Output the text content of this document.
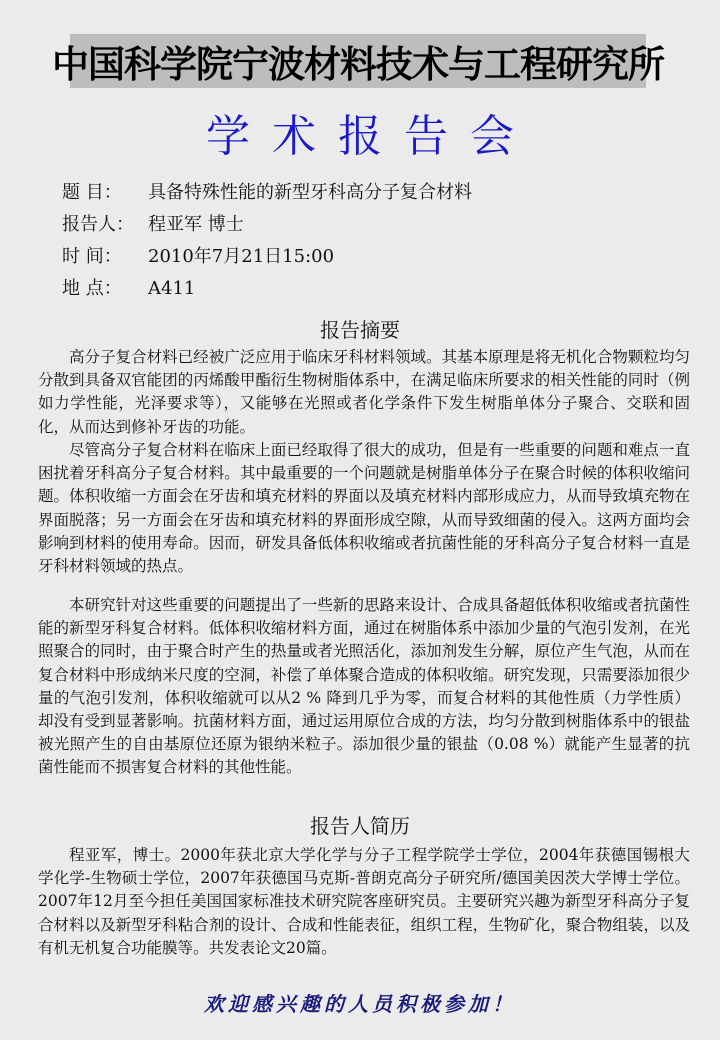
中国科学院宁波材料技术与工程研究所
学术报告会
题 目： 具备特殊性能的新型牙科高分子复合材料
报告人： 程亚军 博士
时 间： 2010年7月21日15:00
地 点： A411
报告摘要
高分子复合材料已经被广泛应用于临床牙科材料领域。其基本原理是将无机化合物颗粒均匀分散到具备双官能团的丙烯酸甲酯衍生物树脂体系中，在满足临床所要求的相关性能的同时（例如力学性能，光泽要求等），又能够在光照或者化学条件下发生树脂单体分子聚合、交联和固化，从而达到修补牙齿的功能。
尽管高分子复合材料在临床上面已经取得了很大的成功，但是有一些重要的问题和难点一直困扰着牙科高分子复合材料。其中最重要的一个问题就是树脂单体分子在聚合时候的体积收缩问题。体积收缩一方面会在牙齿和填充材料的界面以及填充材料内部形成应力，从而导致填充物在界面脱落；另一方面会在牙齿和填充材料的界面形成空隙，从而导致细菌的侵入。这两方面均会影响到材料的使用寿命。因而，研发具备低体积收缩或者抗菌性能的牙科高分子复合材料一直是牙科材料领域的热点。
本研究针对这些重要的问题提出了一些新的思路来设计、合成具备超低体积收缩或者抗菌性能的新型牙科复合材料。低体积收缩材料方面，通过在树脂体系中添加少量的气泡引发剂，在光照聚合的同时，由于聚合时产生的热量或者光照活化，添加剂发生分解，原位产生气泡，从而在复合材料中形成纳米尺度的空洞，补偿了单体聚合造成的体积收缩。研究发现，只需要添加很少量的气泡引发剂，体积收缩就可以从2 % 降到几乎为零，而复合材料的其他性质（力学性质）却没有受到显著影响。抗菌材料方面，通过运用原位合成的方法，均匀分散到树脂体系中的银盐被光照产生的自由基原位还原为银纳米粒子。添加很少量的银盐（0.08 %）就能产生显著的抗菌性能而不损害复合材料的其他性能。
报告人简历
程亚军，博士。2000年获北京大学化学与分子工程学院学士学位，2004年获德国锡根大学化学-生物硕士学位，2007年获德国马克斯-普朗克高分子研究所/德国美因茨大学博士学位。2007年12月至今担任美国国家标准技术研究院客座研究员。主要研究兴趣为新型牙科高分子复合材料以及新型牙科粘合剂的设计、合成和性能表征，组织工程，生物矿化，聚合物组装，以及有机无机复合功能膜等。共发表论文20篇。
欢迎感兴趣的人员积极参加！
